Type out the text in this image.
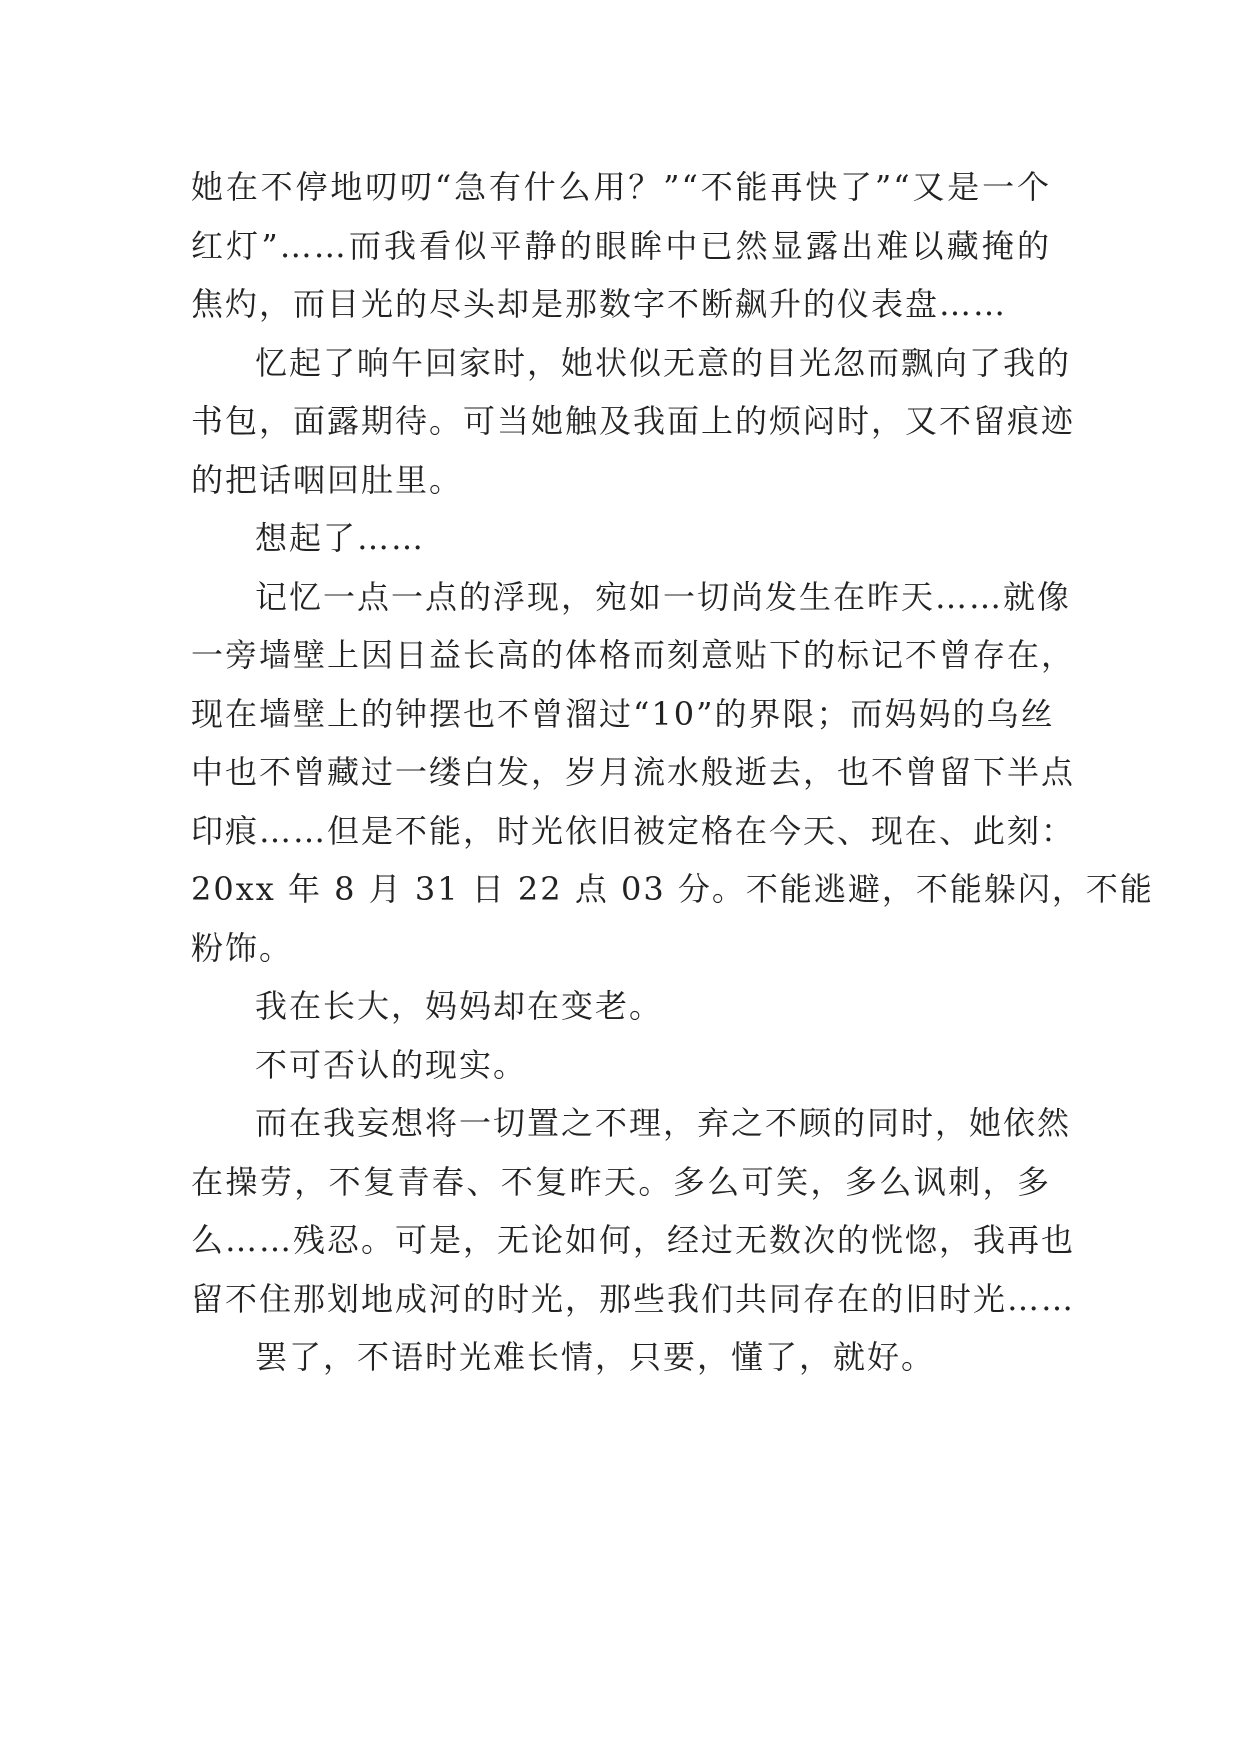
她在不停地叨叨“急有什么用？”“不能再快了”“又是一个
红灯”……而我看似平静的眼眸中已然显露出难以藏掩的
焦灼，而目光的尽头却是那数字不断飙升的仪表盘……
忆起了晌午回家时，她状似无意的目光忽而飘向了我的
书包，面露期待。可当她触及我面上的烦闷时，又不留痕迹
的把话咽回肚里。
想起了……
记忆一点一点的浮现，宛如一切尚发生在昨天……就像
一旁墙壁上因日益长高的体格而刻意贴下的标记不曾存在，
现在墙壁上的钟摆也不曾溜过“10”的界限；而妈妈的乌丝
中也不曾藏过一缕白发，岁月流水般逝去，也不曾留下半点
印痕……但是不能，时光依旧被定格在今天、现在、此刻：
20xx 年 8 月 31 日 22 点 03 分。不能逃避，不能躲闪，不能
粉饰。
我在长大，妈妈却在变老。
不可否认的现实。
而在我妄想将一切置之不理，弃之不顾的同时，她依然
在操劳，不复青春、不复昨天。多么可笑，多么讽刺，多
么……残忍。可是，无论如何，经过无数次的恍惚，我再也
留不住那划地成河的时光，那些我们共同存在的旧时光……
罢了，不语时光难长情，只要，懂了，就好。
